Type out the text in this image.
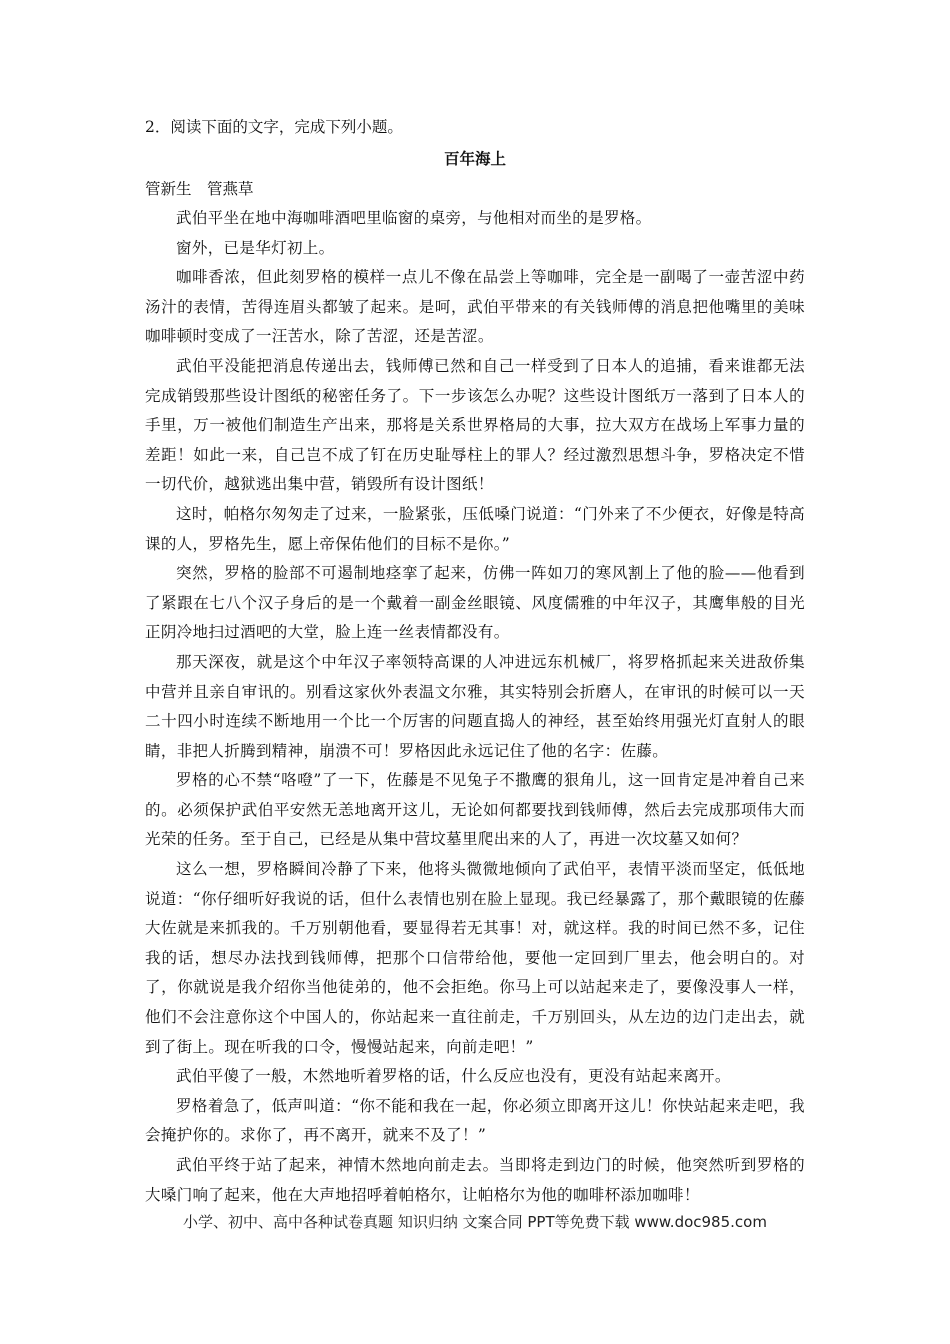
2．阅读下面的文字，完成下列小题。

百年海上

管新生　管燕草

武伯平坐在地中海咖啡酒吧里临窗的桌旁，与他相对而坐的是罗格。

窗外，已是华灯初上。

咖啡香浓，但此刻罗格的模样一点儿不像在品尝上等咖啡，完全是一副喝了一壶苦涩中药汤汁的表情，苦得连眉头都皱了起来。是呵，武伯平带来的有关钱师傅的消息把他嘴里的美味咖啡顿时变成了一汪苦水，除了苦涩，还是苦涩。

武伯平没能把消息传递出去，钱师傅已然和自己一样受到了日本人的追捕，看来谁都无法完成销毁那些设计图纸的秘密任务了。下一步该怎么办呢？这些设计图纸万一落到了日本人的手里，万一被他们制造生产出来，那将是关系世界格局的大事，拉大双方在战场上军事力量的差距！如此一来，自己岂不成了钉在历史耻辱柱上的罪人？经过激烈思想斗争，罗格决定不惜一切代价，越狱逃出集中营，销毁所有设计图纸！

这时，帕格尔匆匆走了过来，一脸紧张，压低嗓门说道：“门外来了不少便衣，好像是特高课的人，罗格先生，愿上帝保佑他们的目标不是你。”

突然，罗格的脸部不可遏制地痉挛了起来，仿佛一阵如刀的寒风割上了他的脸——他看到了紧跟在七八个汉子身后的是一个戴着一副金丝眼镜、风度儒雅的中年汉子，其鹰隼般的目光正阴冷地扫过酒吧的大堂，脸上连一丝表情都没有。

那天深夜，就是这个中年汉子率领特高课的人冲进远东机械厂，将罗格抓起来关进敌侨集中营并且亲自审讯的。别看这家伙外表温文尔雅，其实特别会折磨人，在审讯的时候可以一天二十四小时连续不断地用一个比一个厉害的问题直捣人的神经，甚至始终用强光灯直射人的眼睛，非把人折腾到精神，崩溃不可！罗格因此永远记住了他的名字：佐藤。

罗格的心不禁“咯噔”了一下，佐藤是不见兔子不撒鹰的狠角儿，这一回肯定是冲着自己来的。必须保护武伯平安然无恙地离开这儿，无论如何都要找到钱师傅，然后去完成那项伟大而光荣的任务。至于自己，已经是从集中营坟墓里爬出来的人了，再进一次坟墓又如何？

这么一想，罗格瞬间冷静了下来，他将头微微地倾向了武伯平，表情平淡而坚定，低低地说道：“你仔细听好我说的话，但什么表情也别在脸上显现。我已经暴露了，那个戴眼镜的佐藤大佐就是来抓我的。千万别朝他看，要显得若无其事！对，就这样。我的时间已然不多，记住我的话，想尽办法找到钱师傅，把那个口信带给他，要他一定回到厂里去，他会明白的。对了，你就说是我介绍你当他徒弟的，他不会拒绝。你马上可以站起来走了，要像没事人一样，他们不会注意你这个中国人的，你站起来一直往前走，千万别回头，从左边的边门走出去，就到了街上。现在听我的口令，慢慢站起来，向前走吧！”

武伯平傻了一般，木然地听着罗格的话，什么反应也没有，更没有站起来离开。

罗格着急了，低声叫道：“你不能和我在一起，你必须立即离开这儿！你快站起来走吧，我会掩护你的。求你了，再不离开，就来不及了！”

武伯平终于站了起来，神情木然地向前走去。当即将走到边门的时候，他突然听到罗格的大嗓门响了起来，他在大声地招呼着帕格尔，让帕格尔为他的咖啡杯添加咖啡！

小学、初中、高中各种试卷真题 知识归纳 文案合同 PPT等免费下载 www.doc985.com
